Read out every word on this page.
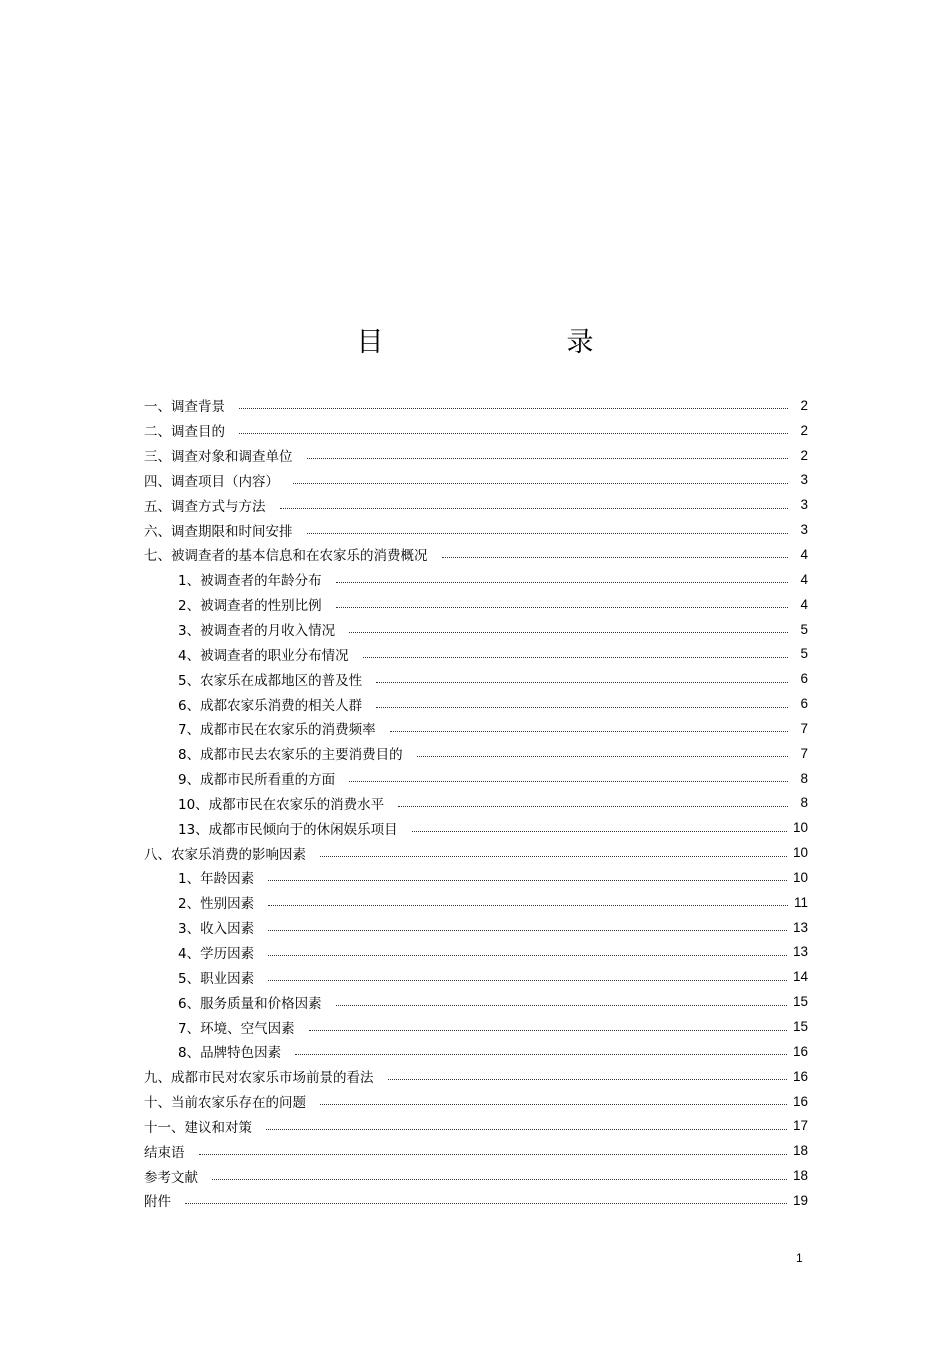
目　录
一、调查背景	2
二、调查目的	2
三、调查对象和调查单位	2
四、调查项目（内容）	3
五、调查方式与方法	3
六、调查期限和时间安排	3
七、被调查者的基本信息和在农家乐的消费概况	4
1、被调查者的年龄分布	4
2、被调查者的性别比例	4
3、被调查者的月收入情况	5
4、被调查者的职业分布情况	5
5、农家乐在成都地区的普及性	6
6、成都农家乐消费的相关人群	6
7、成都市民在农家乐的消费频率	7
8、成都市民去农家乐的主要消费目的	7
9、成都市民所看重的方面	8
10、成都市民在农家乐的消费水平	8
13、成都市民倾向于的休闲娱乐项目	10
八、农家乐消费的影响因素	10
1、年龄因素	10
2、性别因素	11
3、收入因素	13
4、学历因素	13
5、职业因素	14
6、服务质量和价格因素	15
7、环境、空气因素	15
8、品牌特色因素	16
九、成都市民对农家乐市场前景的看法	16
十、当前农家乐存在的问题	16
十一、建议和对策	17
结束语	18
参考文献	18
附件	19
1
